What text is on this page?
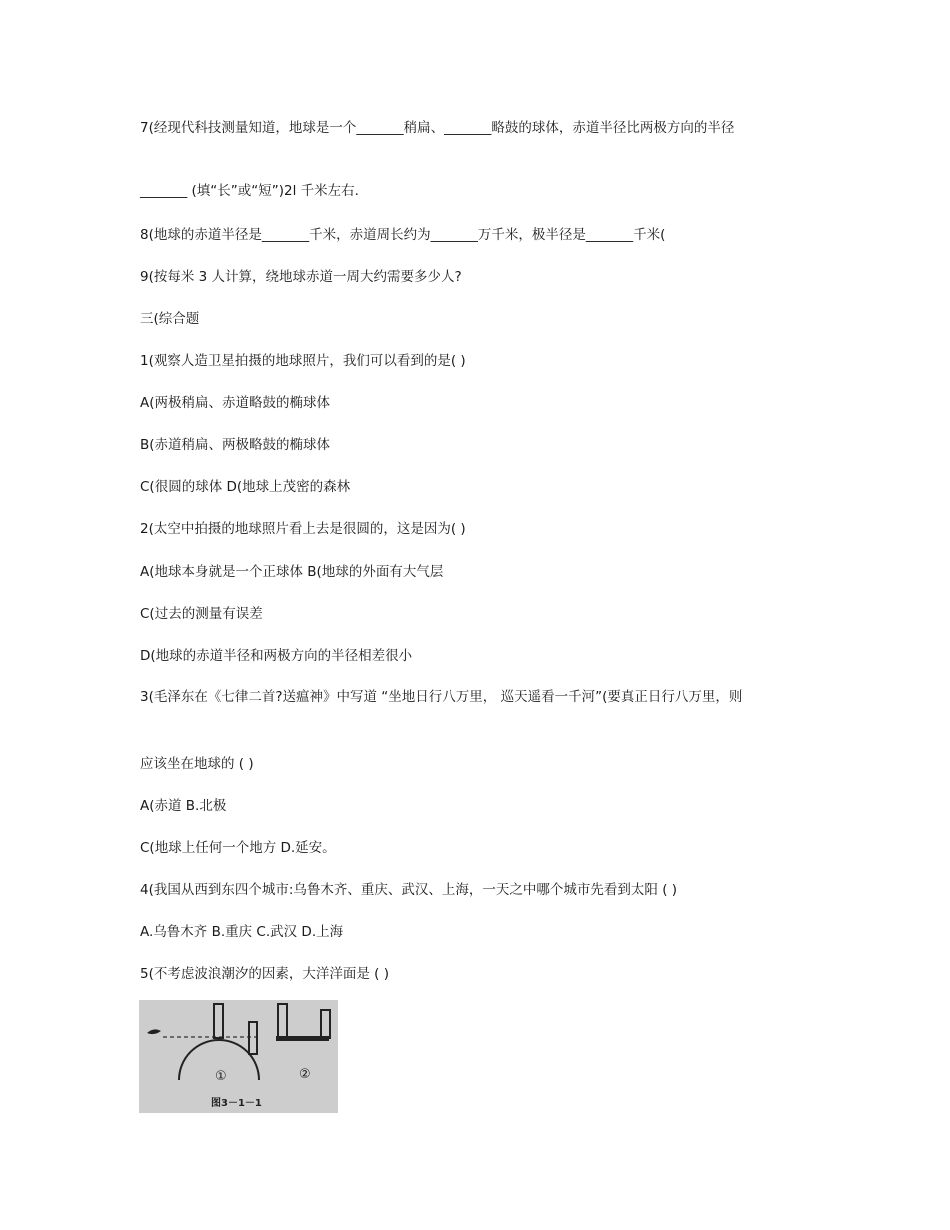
7(经现代科技测量知道，地球是一个_______稍扁、_______略鼓的球体，赤道半径比两极方向的半径
_______ (填“长”或“短”)2l 千米左右.
8(地球的赤道半径是_______千米，赤道周长约为_______万千米，极半径是_______千米(
9(按每米 3 人计算，绕地球赤道一周大约需要多少人?
三(综合题
1(观察人造卫星拍摄的地球照片，我们可以看到的是( )
A(两极稍扁、赤道略鼓的椭球体
B(赤道稍扁、两极略鼓的椭球体
C(很圆的球体 D(地球上茂密的森林
2(太空中拍摄的地球照片看上去是很圆的，这是因为( )
A(地球本身就是一个正球体 B(地球的外面有大气层
C(过去的测量有误差
D(地球的赤道半径和两极方向的半径相差很小
3(毛泽东在《七律二首?送瘟神》中写道 “坐地日行八万里， 巡天遥看一千河”(要真正日行八万里，则
应该坐在地球的 ( )
A(赤道 B.北极
C(地球上任何一个地方 D.延安。
4(我国从西到东四个城市:乌鲁木齐、重庆、武汉、上海，一天之中哪个城市先看到太阳 ( )
A.乌鲁木齐 B.重庆 C.武汉 D.上海
5(不考虑波浪潮汐的因素，大洋洋面是 ( )
①	②
图3－1－1
